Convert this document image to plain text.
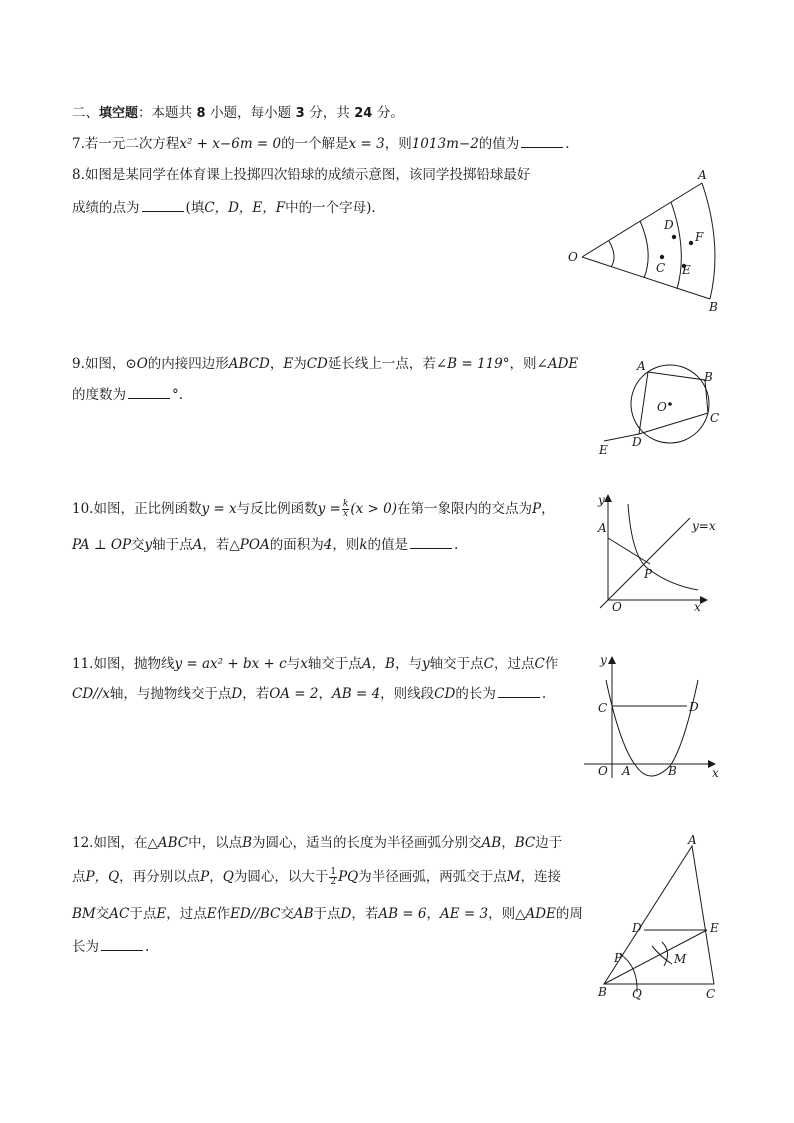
二、填空题：本题共 8 小题，每小题 3 分，共 24 分。
7.若一元二次方程x² + x−6m = 0的一个解是x = 3，则1013m−2的值为	.
8.如图是某同学在体育课上投掷四次铅球的成绩示意图，该同学投掷铅球最好
成绩的点为	(填C，D，E，F中的一个字母).
O
A
B
C
D
E
F
9.如图，⊙O的内接四边形ABCD，E为CD延长线上一点，若∠B = 119°，则∠ADE
的度数为	°.
A
B
C
D
E
O
10.如图，正比例函数y = x与反比例函数$y = \frac{k}{x} (x > 0)$在第一象限内的交点为P，
PA ⊥ OP交y轴于点A，若△POA的面积为4，则k的值是	.
A
P
O
y
x
y=x
11.如图，抛物线y = ax² + bx + c与x轴交于点A，B，与y轴交于点C，过点C作
CD//x轴，与抛物线交于点D，若OA = 2，AB = 4，则线段CD的长为	.
y
x
C	D
O A	B
12.如图，在△ABC中，以点B为圆心，适当的长度为半径画弧分别交AB，BC边于
点P，Q，再分别以点P，Q为圆心，以大于 $\frac{1}{2}$ PQ为半径画弧，两弧交于点M，连接
BM交AC于点E，过点E作ED//BC交AB于点D，若AB = 6，AE = 3，则△ADE的周
长为	.
A
B	C
D	E
P
Q
M
